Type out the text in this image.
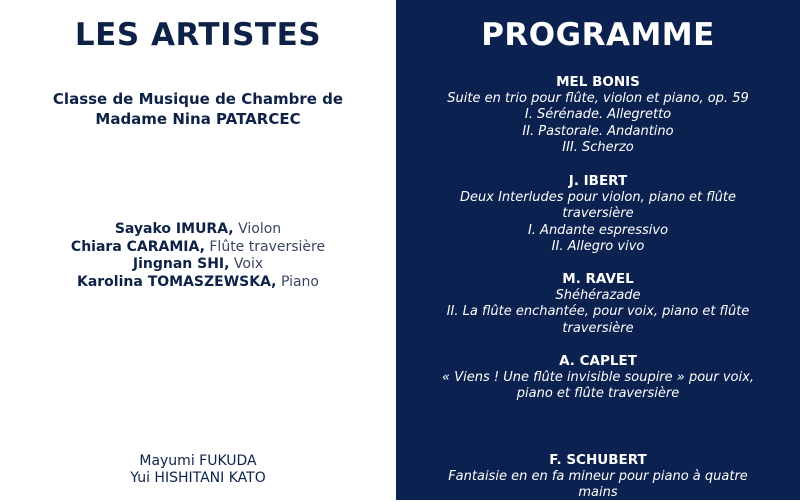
LES ARTISTES
Classe de Musique de Chambre de
Madame Nina PATARCEC
Sayako IMURA, Violon
Chiara CARAMIA, Flûte traversière
Jingnan SHI, Voix
Karolina TOMASZEWSKA, Piano
Mayumi FUKUDA
Yui HISHITANI KATO
PROGRAMME
MEL BONIS
Suite en trio pour flûte, violon et piano, op. 59
I. Sérénade. Allegretto
II. Pastorale. Andantino
III. Scherzo
J. IBERT
Deux Interludes pour violon, piano et flûte
traversière
I. Andante espressivo
II. Allegro vivo
M. RAVEL
Shéhérazade
II. La flûte enchantée, pour voix, piano et flûte
traversière
A. CAPLET
« Viens ! Une flûte invisible soupire » pour voix,
piano et flûte traversière
F. SCHUBERT
Fantaisie en en fa mineur pour piano à quatre
mains
